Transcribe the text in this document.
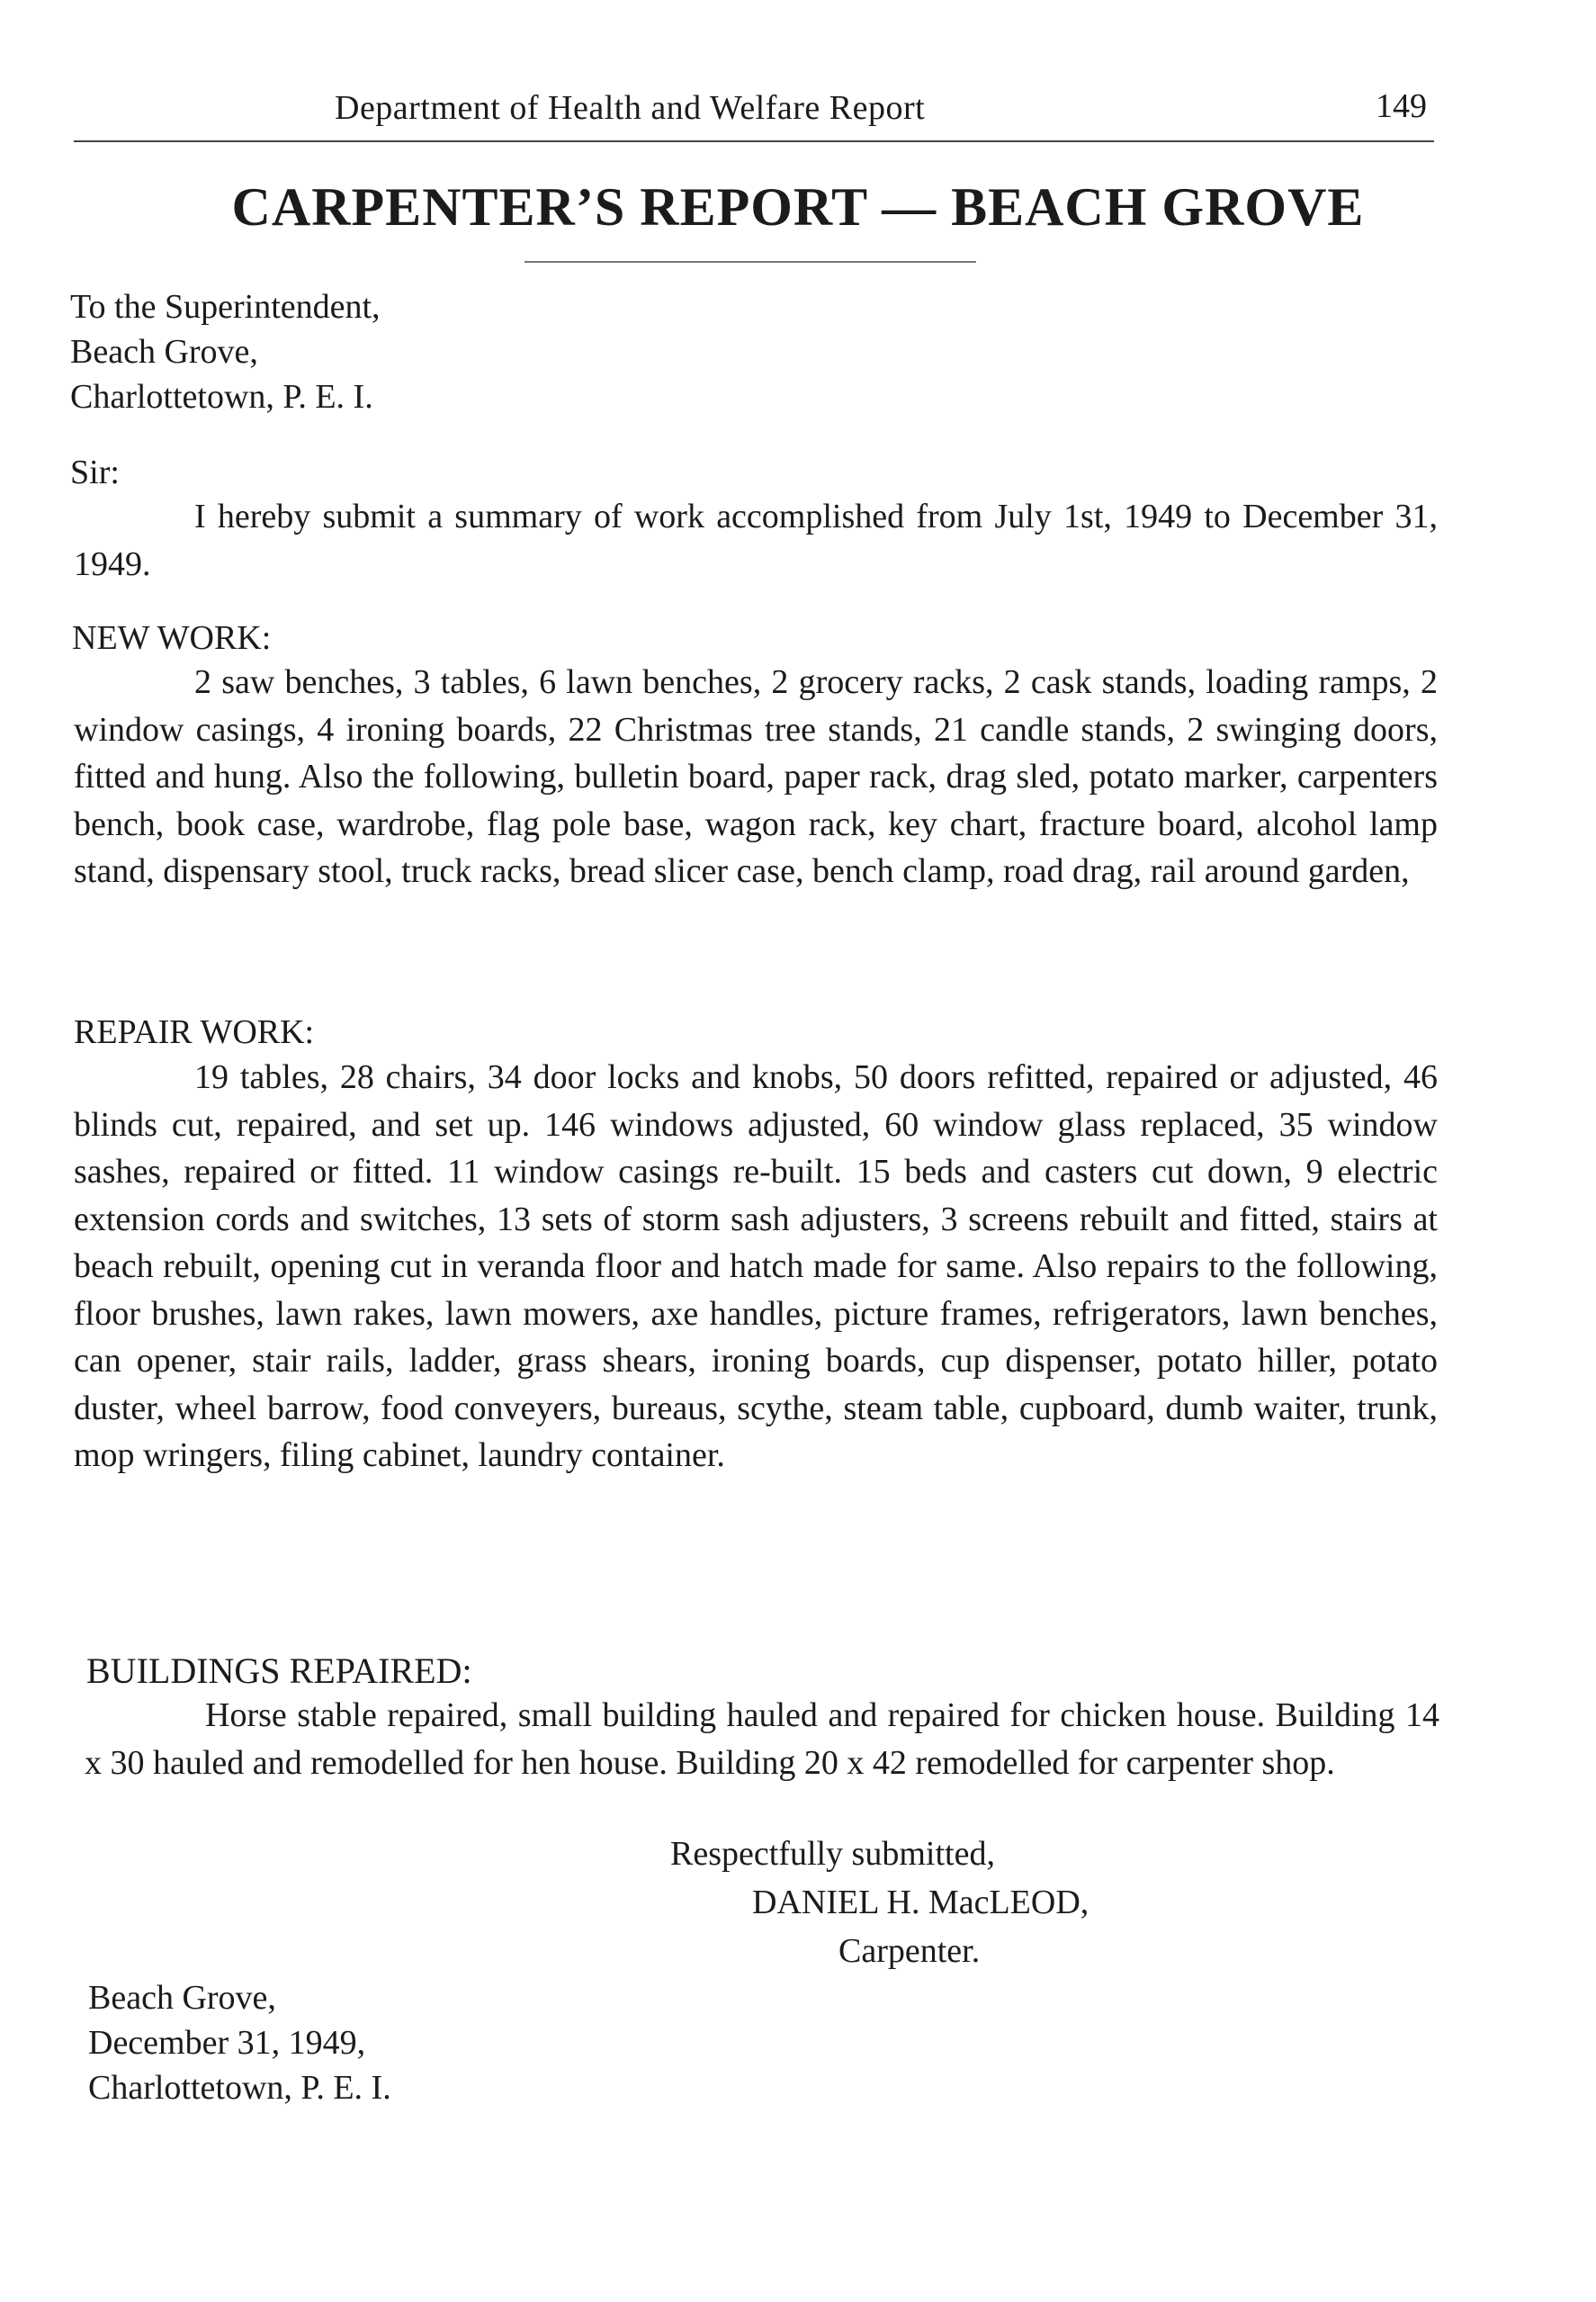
Department of Health and Welfare Report	149
CARPENTER’S REPORT — BEACH GROVE
To the Superintendent,
Beach Grove,
Charlottetown, P. E. I.
Sir:

I hereby submit a summary of work accomplished from July 1st, 1949 to December 31, 1949.

NEW WORK:

2 saw benches, 3 tables, 6 lawn benches, 2 grocery racks, 2 cask stands, loading ramps, 2 window casings, 4 ironing boards, 22 Christmas tree stands, 21 candle stands, 2 swinging doors, fitted and hung. Also the following, bulletin board, paper rack, drag sled, potato marker, carpenters bench, book case, wardrobe, flag pole base, wagon rack, key chart, fracture board, alcohol lamp stand, dispensary stool, truck racks, bread slicer case, bench clamp, road drag, rail around garden,

REPAIR WORK:

19 tables, 28 chairs, 34 door locks and knobs, 50 doors refitted, repaired or adjusted, 46 blinds cut, repaired, and set up. 146 windows adjusted, 60 window glass replaced, 35 window sashes, repaired or fitted. 11 window casings re-built. 15 beds and casters cut down, 9 electric extension cords and switches, 13 sets of storm sash adjusters, 3 screens rebuilt and fitted, stairs at beach rebuilt, opening cut in veranda floor and hatch made for same. Also repairs to the following, floor brushes, lawn rakes, lawn mowers, axe handles, picture frames, refrigerators, lawn benches, can opener, stair rails, ladder, grass shears, ironing boards, cup dispenser, potato hiller, potato duster, wheel barrow, food conveyers, bureaus, scythe, steam table, cupboard, dumb waiter, trunk, mop wringers, filing cabinet, laundry container.

BUILDINGS REPAIRED:

Horse stable repaired, small building hauled and repaired for chicken house. Building 14 x 30 hauled and remodelled for hen house. Building 20 x 42 remodelled for carpenter shop.

Respectfully submitted,
DANIEL H. MacLEOD,
Carpenter.
Beach Grove,
December 31, 1949,
Charlottetown, P. E. I.
